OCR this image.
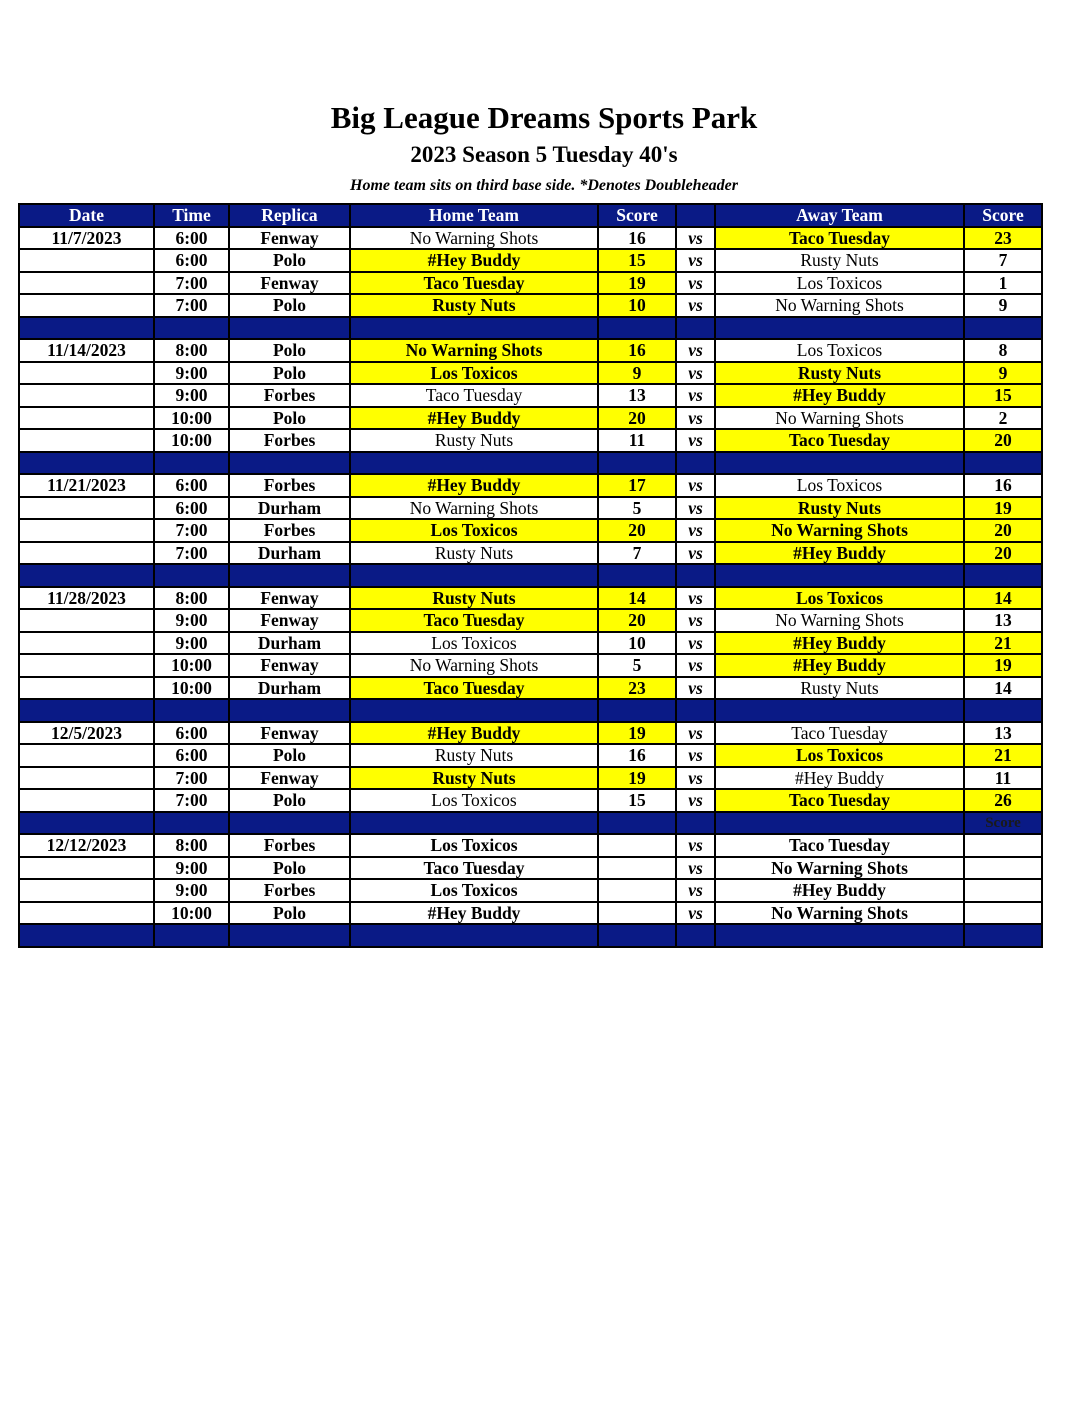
Big League Dreams Sports Park
2023 Season 5 Tuesday 40's
Home team sits on third base side. *Denotes Doubleheader
Date	Time	Replica	Home Team	Score		Away Team	Score
11/7/2023	6:00	Fenway	No Warning Shots	16	vs	Taco Tuesday	23
	6:00	Polo	#Hey Buddy	15	vs	Rusty Nuts	7
	7:00	Fenway	Taco Tuesday	19	vs	Los Toxicos	1
	7:00	Polo	Rusty Nuts	10	vs	No Warning Shots	9

11/14/2023	8:00	Polo	No Warning Shots	16	vs	Los Toxicos	8
	9:00	Polo	Los Toxicos	9	vs	Rusty Nuts	9
	9:00	Forbes	Taco Tuesday	13	vs	#Hey Buddy	15
	10:00	Polo	#Hey Buddy	20	vs	No Warning Shots	2
	10:00	Forbes	Rusty Nuts	11	vs	Taco Tuesday	20

11/21/2023	6:00	Forbes	#Hey Buddy	17	vs	Los Toxicos	16
	6:00	Durham	No Warning Shots	5	vs	Rusty Nuts	19
	7:00	Forbes	Los Toxicos	20	vs	No Warning Shots	20
	7:00	Durham	Rusty Nuts	7	vs	#Hey Buddy	20

11/28/2023	8:00	Fenway	Rusty Nuts	14	vs	Los Toxicos	14
	9:00	Fenway	Taco Tuesday	20	vs	No Warning Shots	13
	9:00	Durham	Los Toxicos	10	vs	#Hey Buddy	21
	10:00	Fenway	No Warning Shots	5	vs	#Hey Buddy	19
	10:00	Durham	Taco Tuesday	23	vs	Rusty Nuts	14

12/5/2023	6:00	Fenway	#Hey Buddy	19	vs	Taco Tuesday	13
	6:00	Polo	Rusty Nuts	16	vs	Los Toxicos	21
	7:00	Fenway	Rusty Nuts	19	vs	#Hey Buddy	11
	7:00	Polo	Los Toxicos	15	vs	Taco Tuesday	26
							Score
12/12/2023	8:00	Forbes	Los Toxicos		vs	Taco Tuesday	
	9:00	Polo	Taco Tuesday		vs	No Warning Shots	
	9:00	Forbes	Los Toxicos		vs	#Hey Buddy	
	10:00	Polo	#Hey Buddy		vs	No Warning Shots	
